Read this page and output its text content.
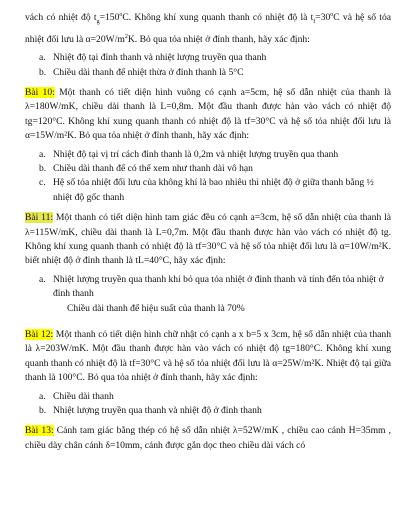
vách có nhiệt độ $t_g=150^oC$. Không khí xung quanh thanh có nhiệt độ là $t_f=30^oC$ và hệ số tỏa nhiệt đối lưu là $\alpha=20W/m^2K$. Bỏ qua tỏa nhiệt ở đỉnh thanh, hãy xác định:

a. Nhiệt độ tại đỉnh thanh và nhiệt lượng truyền qua thanh
b. Chiều dài thanh để nhiệt thừa ở đỉnh thanh là 5°C

Bài 10: Một thanh có tiết diện hình vuông có cạnh a=5cm, hệ số dẫn nhiệt của thanh là λ=180W/mK, chiều dài thanh là L=0,8m. Một đầu thanh được hàn vào vách có nhiệt độ tg=120°C. Không khí xung quanh thanh có nhiệt độ là tf=30°C và hệ số tỏa nhiệt đối lưu là α=15W/m²K. Bỏ qua tỏa nhiệt ở đỉnh thanh, hãy xác định:

a. Nhiệt độ tại vị trí cách đỉnh thanh là 0,2m và nhiệt lượng truyền qua thanh
b. Chiều dài thanh để có thể xem như thanh dài vô hạn
c. Hệ số tỏa nhiệt đối lưu của không khí là bao nhiêu thì nhiệt độ ở giữa thanh bằng ½ nhiệt độ gốc thanh

Bài 11: Một thanh có tiết diện hình tam giác đều có cạnh a=3cm, hệ số dẫn nhiệt của thanh là λ=115W/mK, chiều dài thanh là L=0,7m. Một đầu thanh được hàn vào vách có nhiệt độ tg. Không khí xung quanh thanh có nhiệt độ là tf=30°C và hệ số tỏa nhiệt đối lưu là α=10W/m²K. biết nhiệt độ ở đỉnh thanh là tL=40°C, hãy xác định:

a. Nhiệt lượng truyền qua thanh khi bỏ qua tỏa nhiệt ở đỉnh thanh và tính đến tỏa nhiệt ở đỉnh thanh
Chiều dài thanh để hiệu suất của thanh là 70%

Bài 12: Một thanh có tiết diện hình chữ nhật có cạnh a x b=5 x 3cm, hệ số dẫn nhiệt của thanh là λ=203W/mK. Một đầu thanh được hàn vào vách có nhiệt độ tg=180°C. Không khí xung quanh thanh có nhiệt độ là tf=30°C và hệ số tỏa nhiệt đối lưu là α=25W/m²K. Nhiệt độ tại giữa thanh là 100°C. Bỏ qua tỏa nhiệt ở đỉnh thanh, hãy xác định:

a. Chiều dài thanh
b. Nhiệt lượng truyền qua thanh và nhiệt độ ở đỉnh thanh

Bài 13: Cánh tam giác bằng thép có hệ số dẫn nhiệt λ=52W/mK , chiều cao cánh H=35mm , chiều dày chân cánh δ=10mm, cánh được gắn dọc theo chiều dài vách có
